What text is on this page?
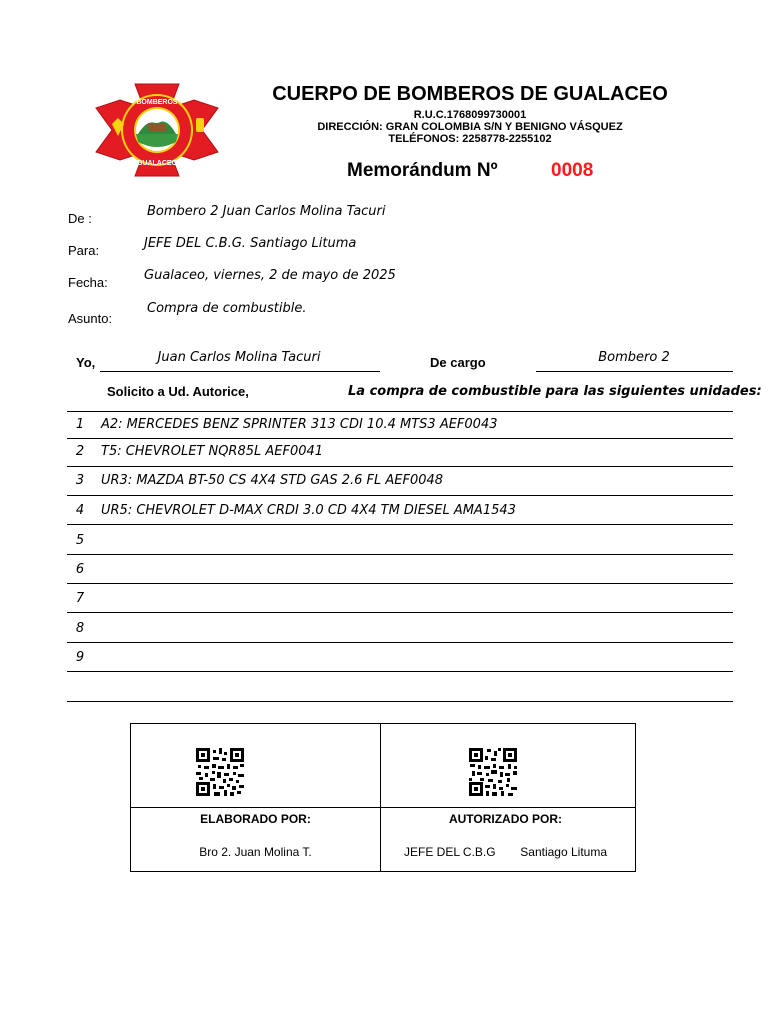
BOMBEROS
GUALACEO
CUERPO DE BOMBEROS DE GUALACEO
R.U.C.1768099730001
DIRECCIÓN: GRAN COLOMBIA S/N Y BENIGNO VÁSQUEZ
TELÉFONOS: 2258778-2255102
Memorándum Nº	0008
De :	Bombero 2 Juan Carlos Molina Tacuri
Para:	JEFE DEL C.B.G. Santiago Lituma
Fecha:	Gualaceo, viernes, 2 de mayo de 2025
Asunto:
Compra de combustible.
Yo,	Juan Carlos Molina Tacuri	De cargo	Bombero 2
Solicito a Ud. Autorice,	La compra de combustible para las siguientes unidades:
1	A2: MERCEDES BENZ SPRINTER 313 CDI 10.4 MTS3 AEF0043
2	T5: CHEVROLET NQR85L AEF0041
3	UR3: MAZDA BT-50 CS 4X4 STD GAS 2.6 FL AEF0048
4	UR5: CHEVROLET D-MAX CRDI 3.0 CD 4X4 TM DIESEL AMA1543
5
6
7
8
9
ELABORADO POR:	AUTORIZADO POR:
Bro 2. Juan Molina T.	JEFE DEL C.B.G Santiago Lituma
